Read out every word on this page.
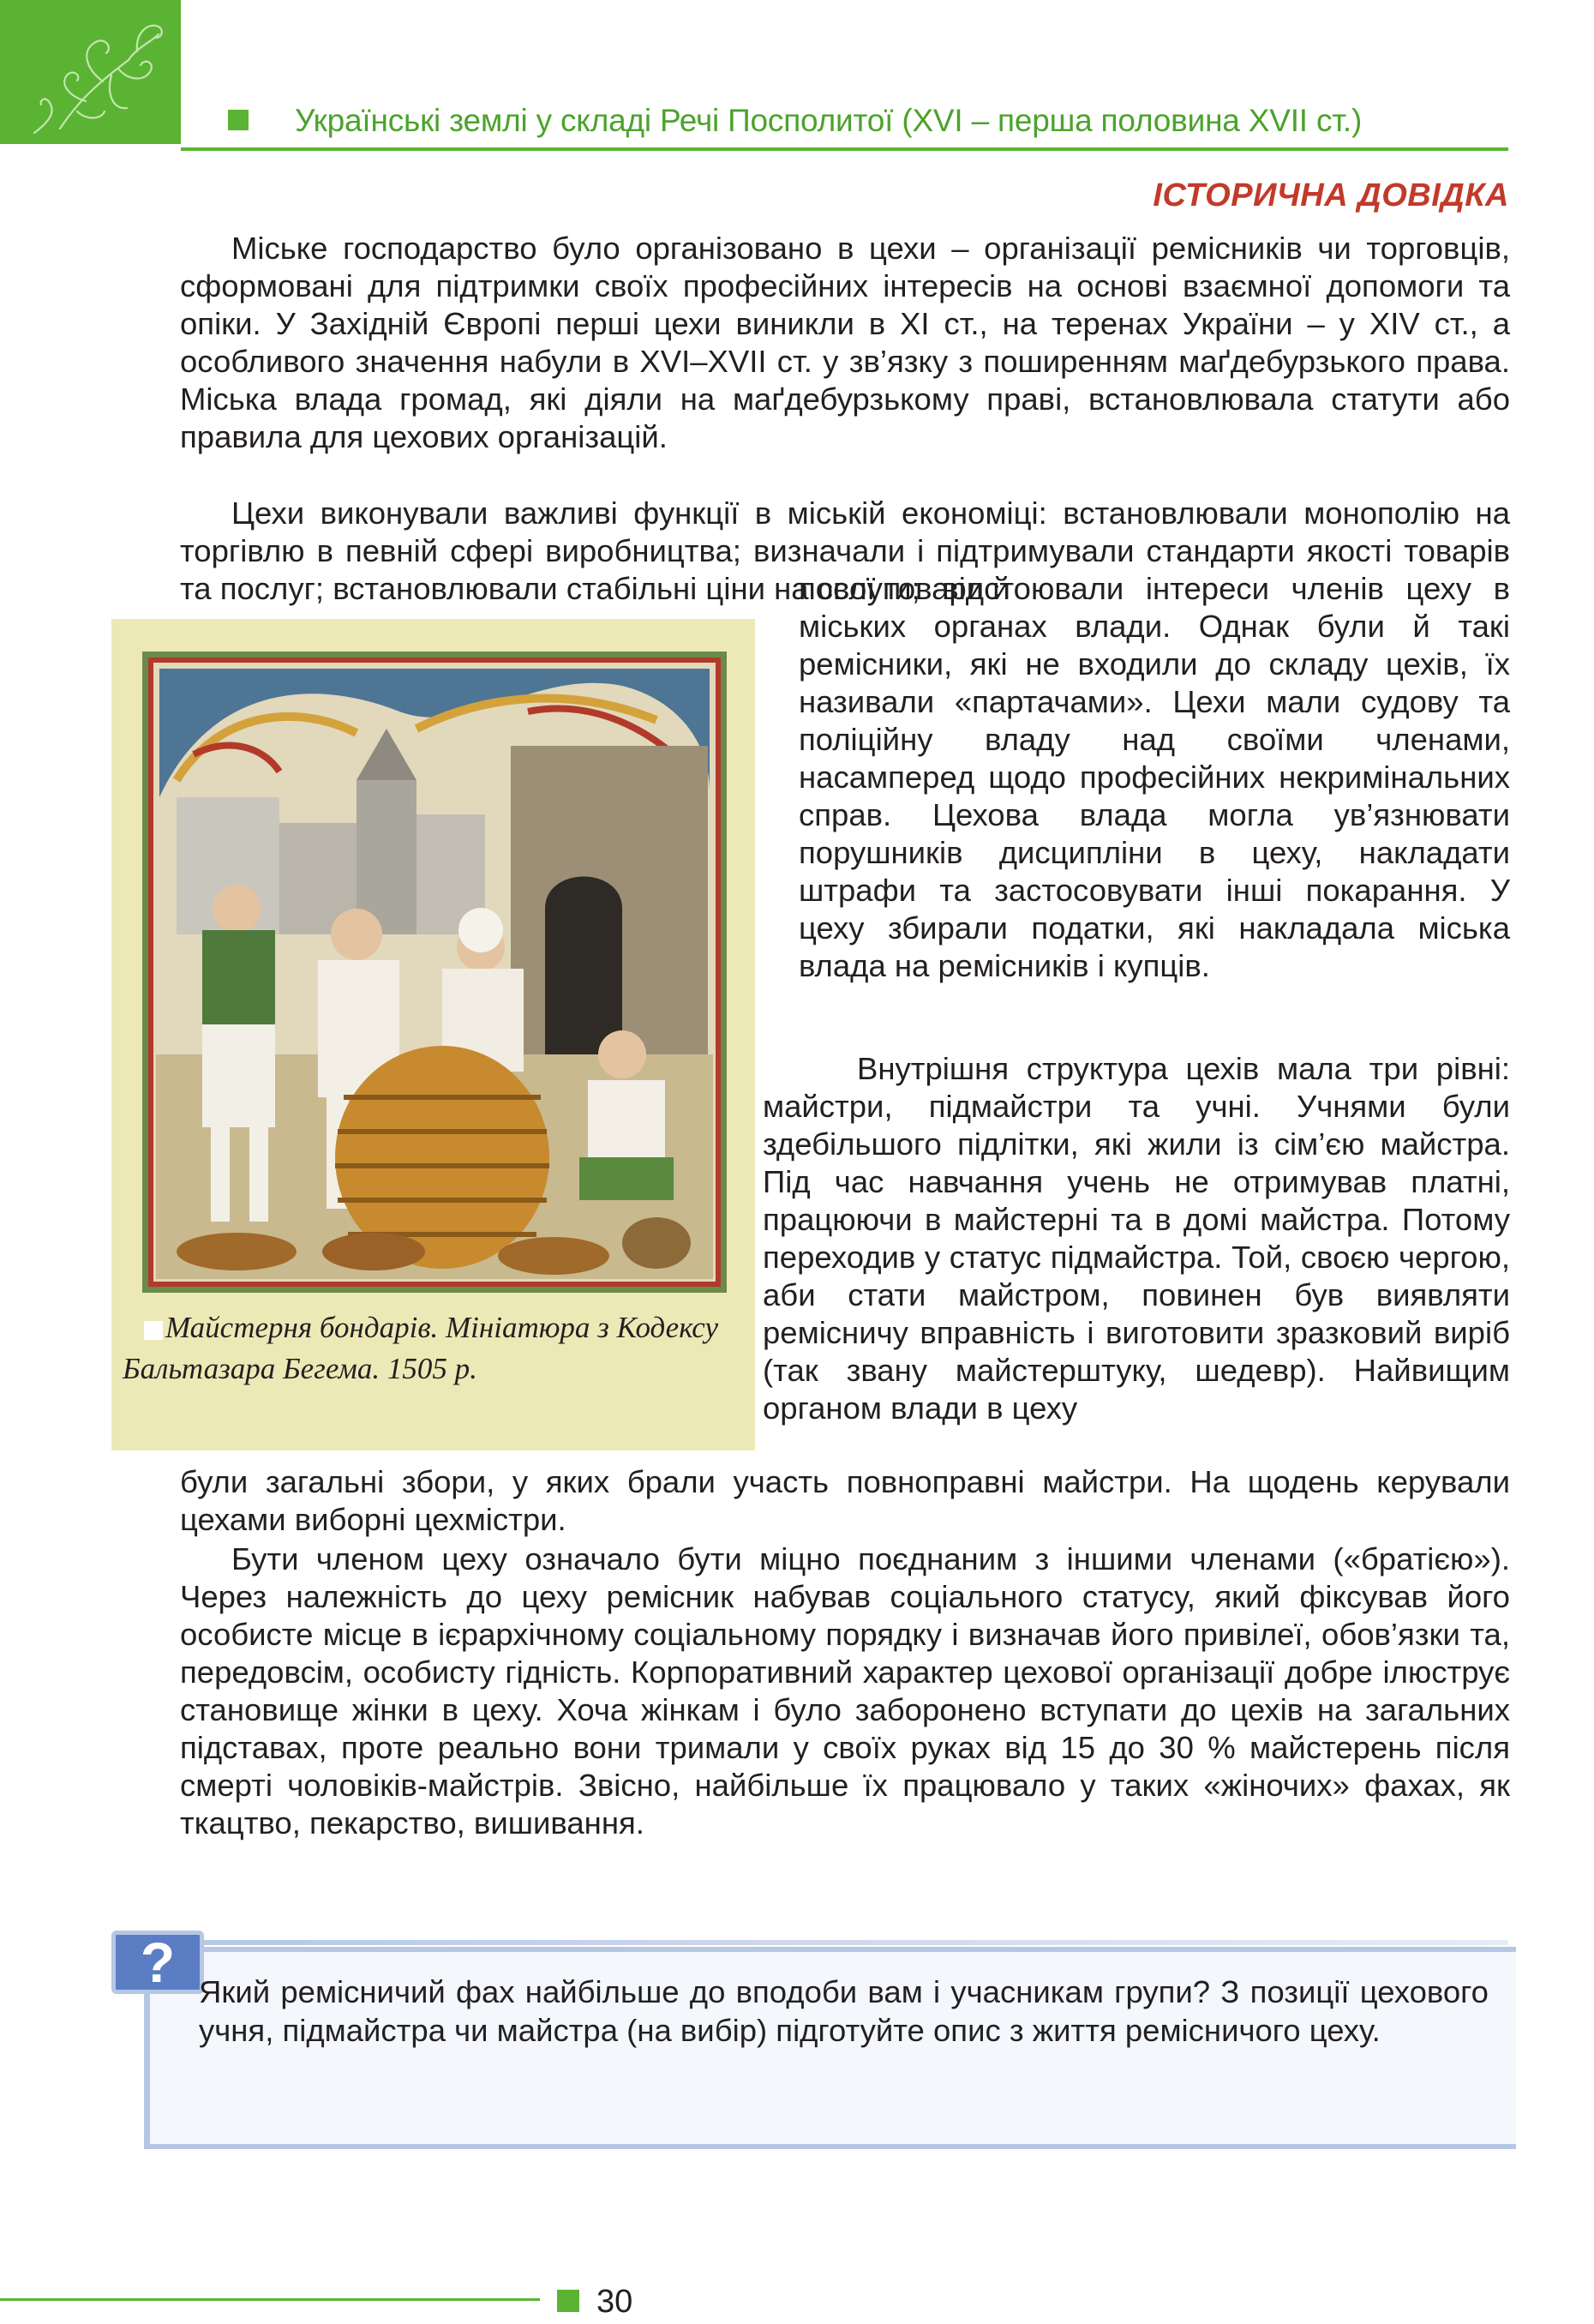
Українські землі у складі Речі Посполитої (XVI – перша половина XVII ст.)
ІСТОРИЧНА ДОВІДКА

Міське господарство було організовано в цехи – організації ремісників чи торговців, сформовані для підтримки своїх професійних інтересів на основі взаємної допомоги та опіки. У Західній Європі перші цехи виникли в ХІ ст., на теренах України – у XIV ст., а особливого значення набули в XVI–XVII ст. у зв’язку з поширенням маґдебурзького права. Міська влада громад, які діяли на маґдебурзькому праві, встановлювала статути або правила для цехових організацій.

Цехи виконували важливі функції в міській економіці: встановлювали монополію на торгівлю в певній сфері виробництва; визначали і підтримували стандарти якості товарів та послуг; встановлювали стабільні ціни на свої товари й

Майстерня бондарів. Мініатюра з Кодексу Бальтазара Бегема. 1505 р.

послуги; відстоювали інтереси членів цеху в міських органах влади. Однак були й такі ремісники, які не входили до складу цехів, їх називали «партачами». Цехи мали судову та поліційну владу над своїми членами, насамперед щодо професійних некримінальних справ. Цехова влада могла ув’язнювати порушників дисципліни в цеху, накладати штрафи та застосовувати інші покарання. У цеху збирали податки, які накладала міська влада на ремісників і купців.

Внутрішня структура цехів мала три рівні: майстри, підмайстри та учні. Учнями були здебільшого підлітки, які жили із сім’єю майстра. Під час навчання учень не отримував платні, працюючи в майстерні та в домі майстра. Потому переходив у статус підмайстра. Той, своєю чергою, аби стати майстром, повинен був виявляти ремісничу вправність і виготовити зразковий виріб (так звану майстерштуку, шедевр). Найвищим органом влади в цеху

були загальні збори, у яких брали участь повноправні майстри. На щодень керували цехами виборні цехмістри.

Бути членом цеху означало бути міцно поєднаним з іншими членами («братією»). Через належність до цеху ремісник набував соціального статусу, який фіксував його особисте місце в ієрархічному соціальному порядку і визначав його привілеї, обов’язки та, передовсім, особисту гідність. Корпоративний характер цехової організації добре ілюструє становище жінки в цеху. Хоча жінкам і було заборонено вступати до цехів на загальних підставах, проте реально вони тримали у своїх руках від 15 до 30 % майстерень після смерті чоловіків-майстрів. Звісно, найбільше їх працювало у таких «жіночих» фахах, як ткацтво, пекарство, вишивання.

? Який ремісничий фах найбільше до вподоби вам і учасникам групи? З позиції цехового учня, підмайстра чи майстра (на вибір) підготуйте опис з життя ремісничого цеху.

30
